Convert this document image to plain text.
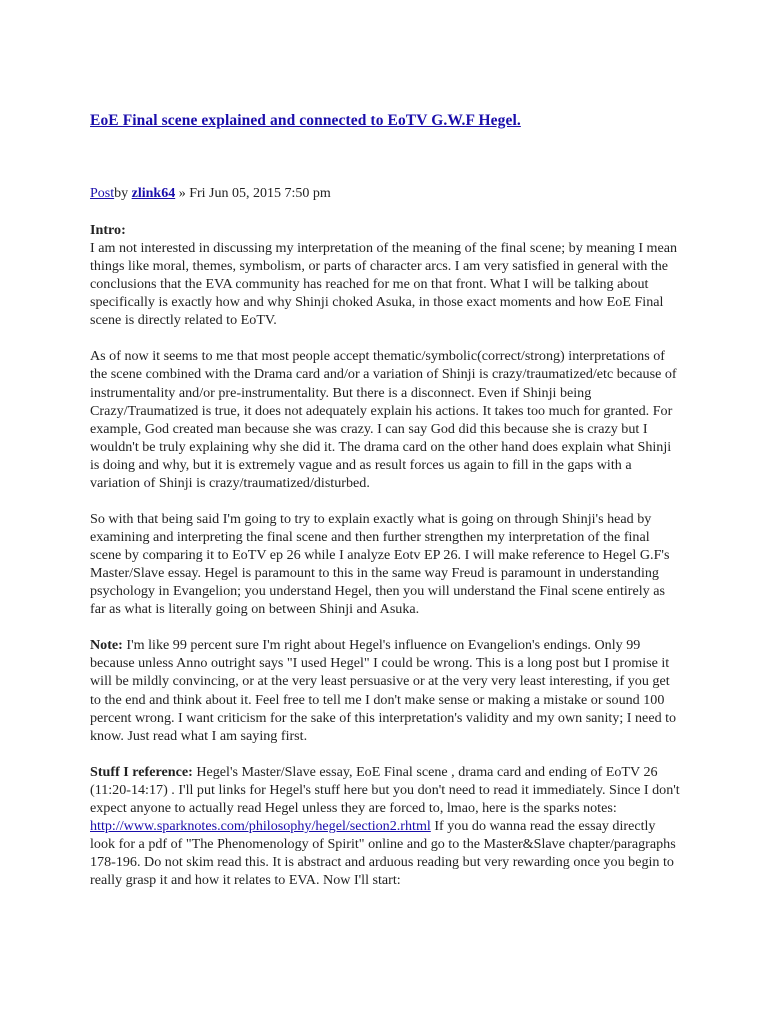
EoE Final scene explained and connected to EoTV G.W.F Hegel.
Postby zlink64 » Fri Jun 05, 2015 7:50 pm

Intro:

I am not interested in discussing my interpretation of the meaning of the final scene; by meaning I mean things like moral, themes, symbolism, or parts of character arcs. I am very satisfied in general with the conclusions that the EVA community has reached for me on that front. What I will be talking about specifically is exactly how and why Shinji choked Asuka, in those exact moments and how EoE Final scene is directly related to EoTV.

As of now it seems to me that most people accept thematic/symbolic(correct/strong) interpretations of the scene combined with the Drama card and/or a variation of Shinji is crazy/traumatized/etc because of instrumentality and/or pre-instrumentality. But there is a disconnect. Even if Shinji being Crazy/Traumatized is true, it does not adequately explain his actions. It takes too much for granted. For example, God created man because she was crazy. I can say God did this because she is crazy but I wouldn't be truly explaining why she did it. The drama card on the other hand does explain what Shinji is doing and why, but it is extremely vague and as result forces us again to fill in the gaps with a variation of Shinji is crazy/traumatized/disturbed.

So with that being said I'm going to try to explain exactly what is going on through Shinji's head by examining and interpreting the final scene and then further strengthen my interpretation of the final scene by comparing it to EoTV ep 26 while I analyze Eotv EP 26. I will make reference to Hegel G.F's Master/Slave essay. Hegel is paramount to this in the same way Freud is paramount in understanding psychology in Evangelion; you understand Hegel, then you will understand the Final scene entirely as far as what is literally going on between Shinji and Asuka.

Note: I'm like 99 percent sure I'm right about Hegel's influence on Evangelion's endings. Only 99 because unless Anno outright says "I used Hegel" I could be wrong. This is a long post but I promise it will be mildly convincing, or at the very least persuasive or at the very very least interesting, if you get to the end and think about it. Feel free to tell me I don't make sense or making a mistake or sound 100 percent wrong. I want criticism for the sake of this interpretation's validity and my own sanity; I need to know. Just read what I am saying first.

Stuff I reference: Hegel's Master/Slave essay, EoE Final scene , drama card and ending of EoTV 26 (11:20-14:17) . I'll put links for Hegel's stuff here but you don't need to read it immediately. Since I don't expect anyone to actually read Hegel unless they are forced to, lmao, here is the sparks notes: http://www.sparknotes.com/philosophy/hegel/section2.rhtml If you do wanna read the essay directly look for a pdf of "The Phenomenology of Spirit" online and go to the Master&Slave chapter/paragraphs 178-196. Do not skim read this. It is abstract and arduous reading but very rewarding once you begin to really grasp it and how it relates to EVA. Now I'll start:
